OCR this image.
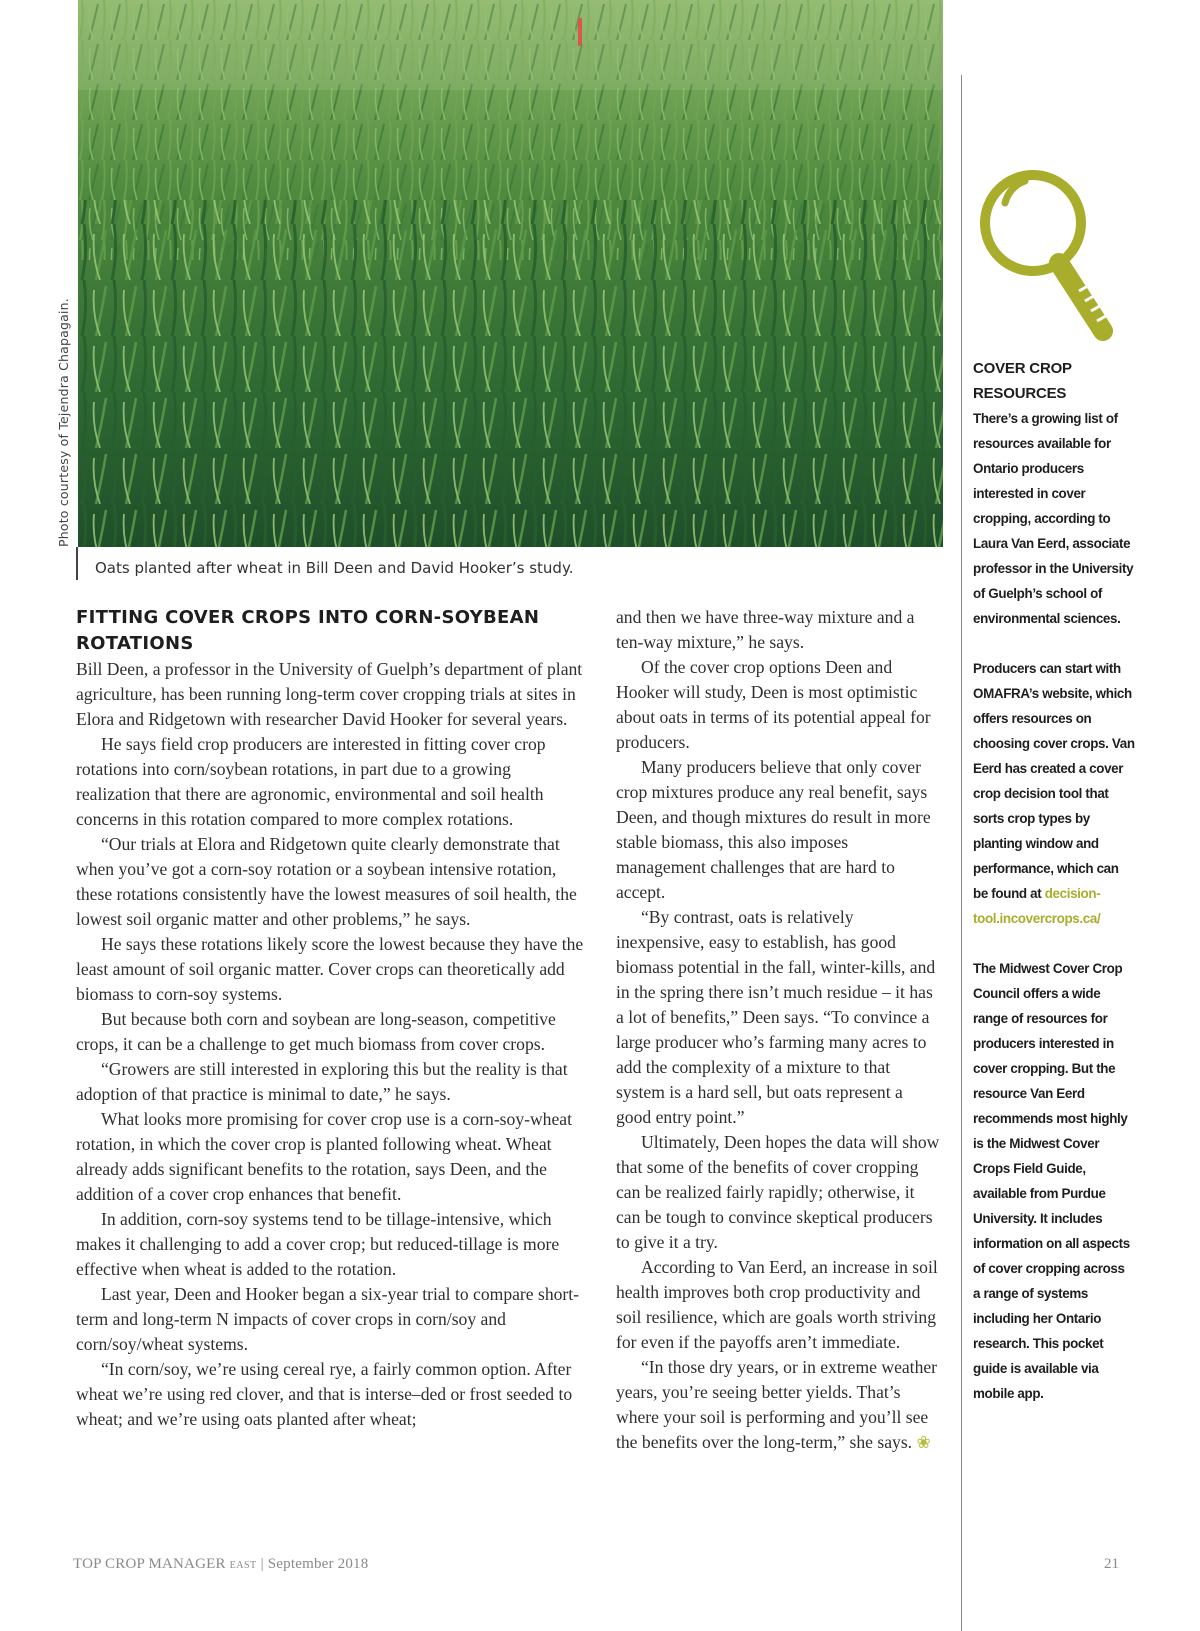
Photo courtesy of Tejendra Chapagain.
Oats planted after wheat in Bill Deen and David Hooker’s study.
FITTING COVER CROPS INTO CORN-SOYBEAN ROTATIONS

Bill Deen, a professor in the University of Guelph’s department of plant agriculture, has been running long-term cover cropping trials at sites in Elora and Ridgetown with researcher David Hooker for several years.

He says field crop producers are interested in fitting cover crop rotations into corn/soybean rotations, in part due to a growing realization that there are agronomic, environmental and soil health concerns in this rotation compared to more complex rotations.

“Our trials at Elora and Ridgetown quite clearly demonstrate that when you’ve got a corn-soy rotation or a soybean intensive rotation, these rotations consistently have the lowest measures of soil health, the lowest soil organic matter and other problems,” he says.

He says these rotations likely score the lowest because they have the least amount of soil organic matter. Cover crops can theoretically add biomass to corn-soy systems.

But because both corn and soybean are long-season, competitive crops, it can be a challenge to get much biomass from cover crops.

“Growers are still interested in exploring this but the reality is that adoption of that practice is minimal to date,” he says.

What looks more promising for cover crop use is a corn-soy-wheat rotation, in which the cover crop is planted following wheat. Wheat already adds significant benefits to the rotation, says Deen, and the addition of a cover crop enhances that benefit.

In addition, corn-soy systems tend to be tillage-intensive, which makes it challenging to add a cover crop; but reduced-tillage is more effective when wheat is added to the rotation.

Last year, Deen and Hooker began a six-year trial to compare short-term and long-term N impacts of cover crops in corn/soy and corn/soy/wheat systems.

“In corn/soy, we’re using cereal rye, a fairly common option. After wheat we’re using red clover, and that is interse–ded or frost seeded to wheat; and we’re using oats planted after wheat;

and then we have three-way mixture and a ten-way mixture,” he says.

Of the cover crop options Deen and Hooker will study, Deen is most optimistic about oats in terms of its potential appeal for producers.

Many producers believe that only cover crop mixtures produce any real benefit, says Deen, and though mixtures do result in more stable biomass, this also imposes management challenges that are hard to accept.

“By contrast, oats is relatively inexpensive, easy to establish, has good biomass potential in the fall, winter-kills, and in the spring there isn’t much residue – it has a lot of benefits,” Deen says. “To convince a large producer who’s farming many acres to add the complexity of a mixture to that system is a hard sell, but oats represent a good entry point.”

Ultimately, Deen hopes the data will show that some of the benefits of cover cropping can be realized fairly rapidly; otherwise, it can be tough to convince skeptical producers to give it a try.

According to Van Eerd, an increase in soil health improves both crop productivity and soil resilience, which are goals worth striving for even if the payoffs aren’t immediate.

“In those dry years, or in extreme weather years, you’re seeing better yields. That’s where your soil is performing and you’ll see the benefits over the long-term,” she says. ❀

COVER CROP RESOURCES

There’s a growing list of resources available for Ontario producers interested in cover cropping, according to Laura Van Eerd, associate professor in the University of Guelph’s school of environmental sciences.

Producers can start with OMAFRA’s website, which offers resources on choosing cover crops. Van Eerd has created a cover crop decision tool that sorts crop types by planting window and performance, which can be found at decision-tool.incovercrops.ca/

The Midwest Cover Crop Council offers a wide range of resources for producers interested in cover cropping. But the resource Van Eerd recommends most highly is the Midwest Cover Crops Field Guide, available from Purdue University. It includes information on all aspects of cover cropping across a range of systems including her Ontario research. This pocket guide is available via mobile app.

TOP CROP MANAGER EAST | September 2018	21
